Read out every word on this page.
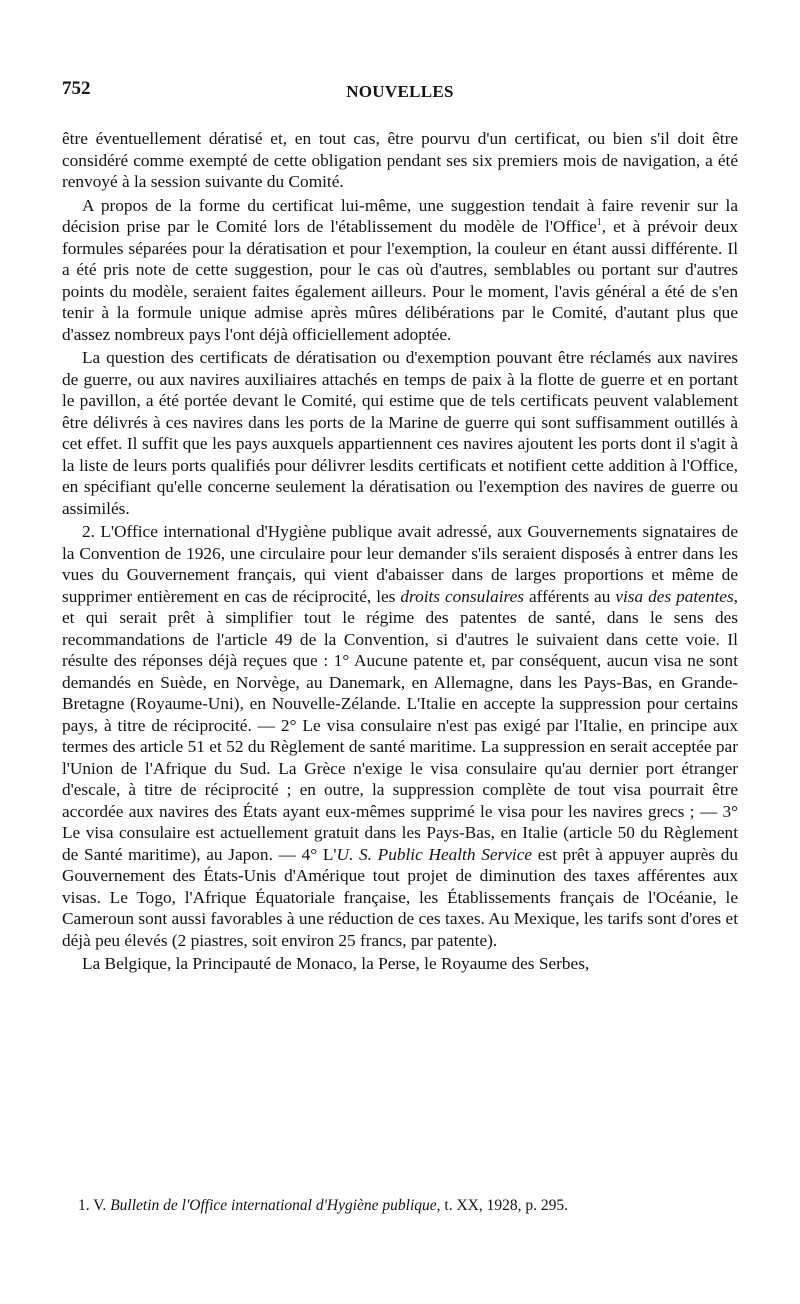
752	NOUVELLES

être éventuellement dératisé et, en tout cas, être pourvu d'un certificat, ou bien s'il doit être considéré comme exempté de cette obligation pendant ses six premiers mois de navigation, a été renvoyé à la session suivante du Comité.

A propos de la forme du certificat lui-même, une suggestion tendait à faire revenir sur la décision prise par le Comité lors de l'établissement du modèle de l'Office$^1$, et à prévoir deux formules séparées pour la dératisation et pour l'exemption, la couleur en étant aussi différente. Il a été pris note de cette suggestion, pour le cas où d'autres, semblables ou portant sur d'autres points du modèle, seraient faites également ailleurs. Pour le moment, l'avis général a été de s'en tenir à la formule unique admise après mûres délibérations par le Comité, d'autant plus que d'assez nombreux pays l'ont déjà officiellement adoptée.

La question des certificats de dératisation ou d'exemption pouvant être réclamés aux navires de guerre, ou aux navires auxiliaires attachés en temps de paix à la flotte de guerre et en portant le pavillon, a été portée devant le Comité, qui estime que de tels certificats peuvent valablement être délivrés à ces navires dans les ports de la Marine de guerre qui sont suffisamment outillés à cet effet. Il suffit que les pays auxquels appartiennent ces navires ajoutent les ports dont il s'agit à la liste de leurs ports qualifiés pour délivrer lesdits certificats et notifient cette addition à l'Office, en spécifiant qu'elle concerne seulement la dératisation ou l'exemption des navires de guerre ou assimilés.

2. L'Office international d'Hygiène publique avait adressé, aux Gouvernements signataires de la Convention de 1926, une circulaire pour leur demander s'ils seraient disposés à entrer dans les vues du Gouvernement français, qui vient d'abaisser dans de larges proportions et même de supprimer entièrement en cas de réciprocité, les droits consulaires afférents au visa des patentes, et qui serait prêt à simplifier tout le régime des patentes de santé, dans le sens des recommandations de l'article 49 de la Convention, si d'autres le suivaient dans cette voie. Il résulte des réponses déjà reçues que : 1° Aucune patente et, par conséquent, aucun visa ne sont demandés en Suède, en Norvège, au Danemark, en Allemagne, dans les Pays-Bas, en Grande-Bretagne (Royaume-Uni), en Nouvelle-Zélande. L'Italie en accepte la suppression pour certains pays, à titre de réciprocité. — 2° Le visa consulaire n'est pas exigé par l'Italie, en principe aux termes des article 51 et 52 du Règlement de santé maritime. La suppression en serait acceptée par l'Union de l'Afrique du Sud. La Grèce n'exige le visa consulaire qu'au dernier port étranger d'escale, à titre de réciprocité ; en outre, la suppression complète de tout visa pourrait être accordée aux navires des États ayant eux-mêmes supprimé le visa pour les navires grecs ; — 3° Le visa consulaire est actuellement gratuit dans les Pays-Bas, en Italie (article 50 du Règlement de Santé maritime), au Japon. — 4° L'U. S. Public Health Service est prêt à appuyer auprès du Gouvernement des États-Unis d'Amérique tout projet de diminution des taxes afférentes aux visas. Le Togo, l'Afrique Équatoriale française, les Établissements français de l'Océanie, le Cameroun sont aussi favorables à une réduction de ces taxes. Au Mexique, les tarifs sont d'ores et déjà peu élevés (2 piastres, soit environ 25 francs, par patente).

La Belgique, la Principauté de Monaco, la Perse, le Royaume des Serbes,

1. V. Bulletin de l'Office international d'Hygiène publique, t. XX, 1928, p. 295.
